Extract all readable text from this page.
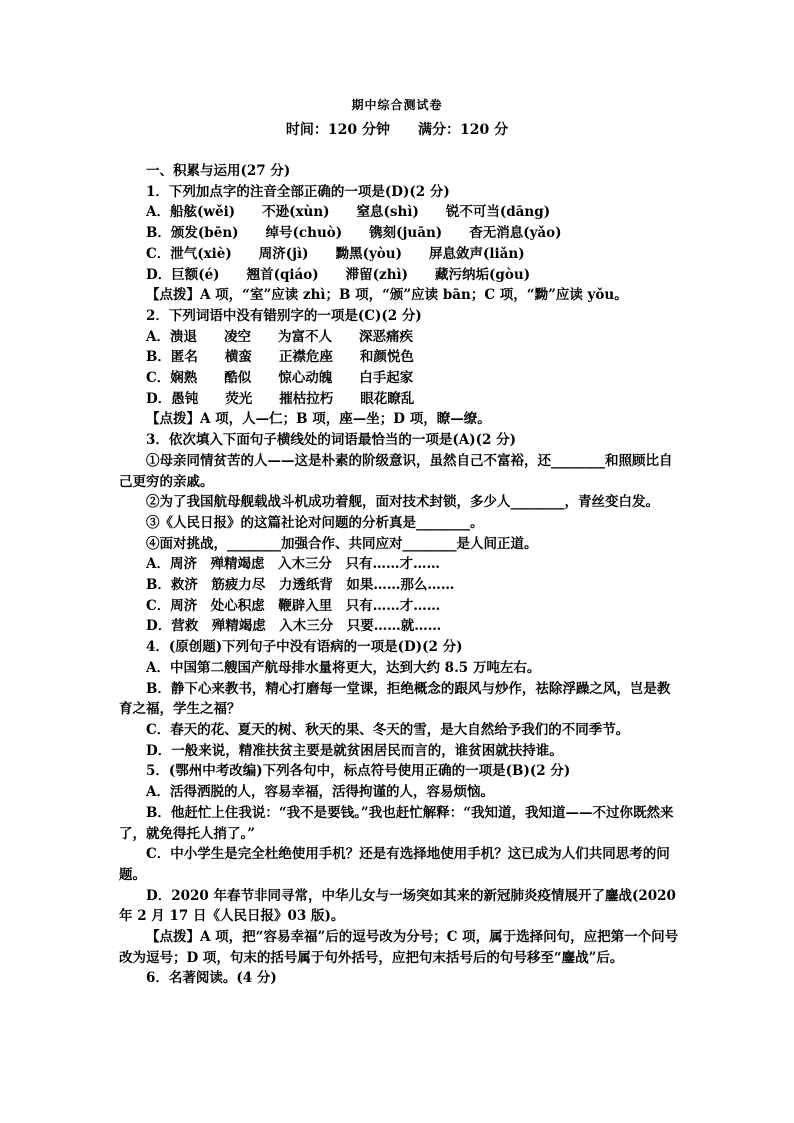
期中综合测试卷
时间：120 分钟　　满分：120 分

一、积累与运用(27 分)

1．下列加点字的注音全部正确的一项是(D)(2 分)

A．船舷(wěi)　　不逊(xùn)　　窒息(shì)　　锐不可当(dāng)

B．颁发(bēn)　　绰号(chuò)　　镌刻(juān)　　杳无消息(yǎo)

C．泄气(xiè)　　周济(jì)　　黝黑(yòu)　　屏息敛声(liǎn)

D．巨额(é)　　翘首(qiáo)　　滞留(zhì)　　藏污纳垢(gòu)

【点拨】A 项，“室”应读 zhì；B 项，“颁”应读 bān；C 项，“黝”应读 yǒu。

2．下列词语中没有错别字的一项是(C)(2 分)

A．溃退　　凌空　　为富不人　　深恶痛疾

B．匿名　　横蛮　　正襟危座　　和颜悦色

C．娴熟　　酷似　　惊心动魄　　白手起家

D．愚钝　　荧光　　摧枯拉朽　　眼花瞭乱

【点拨】A 项，人—仁；B 项，座—坐；D 项，瞭—缭。

3．依次填入下面句子横线处的词语最恰当的一项是(A)(2 分)

①母亲同情贫苦的人——这是朴素的阶级意识，虽然自己不富裕，还________和照顾比自己更穷的亲戚。

②为了我国航母舰载战斗机成功着舰，面对技术封锁，多少人________，青丝变白发。

③《人民日报》的这篇社论对问题的分析真是________。

④面对挑战，________加强合作、共同应对________是人间正道。

A．周济　殚精竭虑　入木三分　只有……才……

B．救济　筋疲力尽　力透纸背　如果……那么……

C．周济　处心积虑　鞭辟入里　只有……才……

D．营救　殚精竭虑　入木三分　只要……就……

4．(原创题)下列句子中没有语病的一项是(D)(2 分)

A．中国第二艘国产航母排水量将更大，达到大约 8.5 万吨左右。

B．静下心来教书，精心打磨每一堂课，拒绝概念的跟风与炒作，祛除浮躁之风，岂是教育之福，学生之福？

C．春天的花、夏天的树、秋天的果、冬天的雪，是大自然给予我们的不同季节。

D．一般来说，精准扶贫主要是就贫困居民而言的，谁贫困就扶持谁。

5．(鄂州中考改编)下列各句中，标点符号使用正确的一项是(B)(2 分)

A．活得洒脱的人，容易幸福，活得拘谨的人，容易烦恼。

B．他赶忙上住我说：“我不是要钱。”我也赶忙解释：“我知道，我知道——不过你既然来了，就免得托人捎了。”

C．中小学生是完全杜绝使用手机？还是有选择地使用手机？这已成为人们共同思考的问题。

D．2020 年春节非同寻常，中华儿女与一场突如其来的新冠肺炎疫情展开了鏖战(2020 年 2 月 17 日《人民日报》03 版)。

【点拨】A 项，把“容易幸福”后的逗号改为分号；C 项，属于选择问句，应把第一个问号改为逗号；D 项，句末的括号属于句外括号，应把句末括号后的句号移至“鏖战”后。

6．名著阅读。(4 分)
